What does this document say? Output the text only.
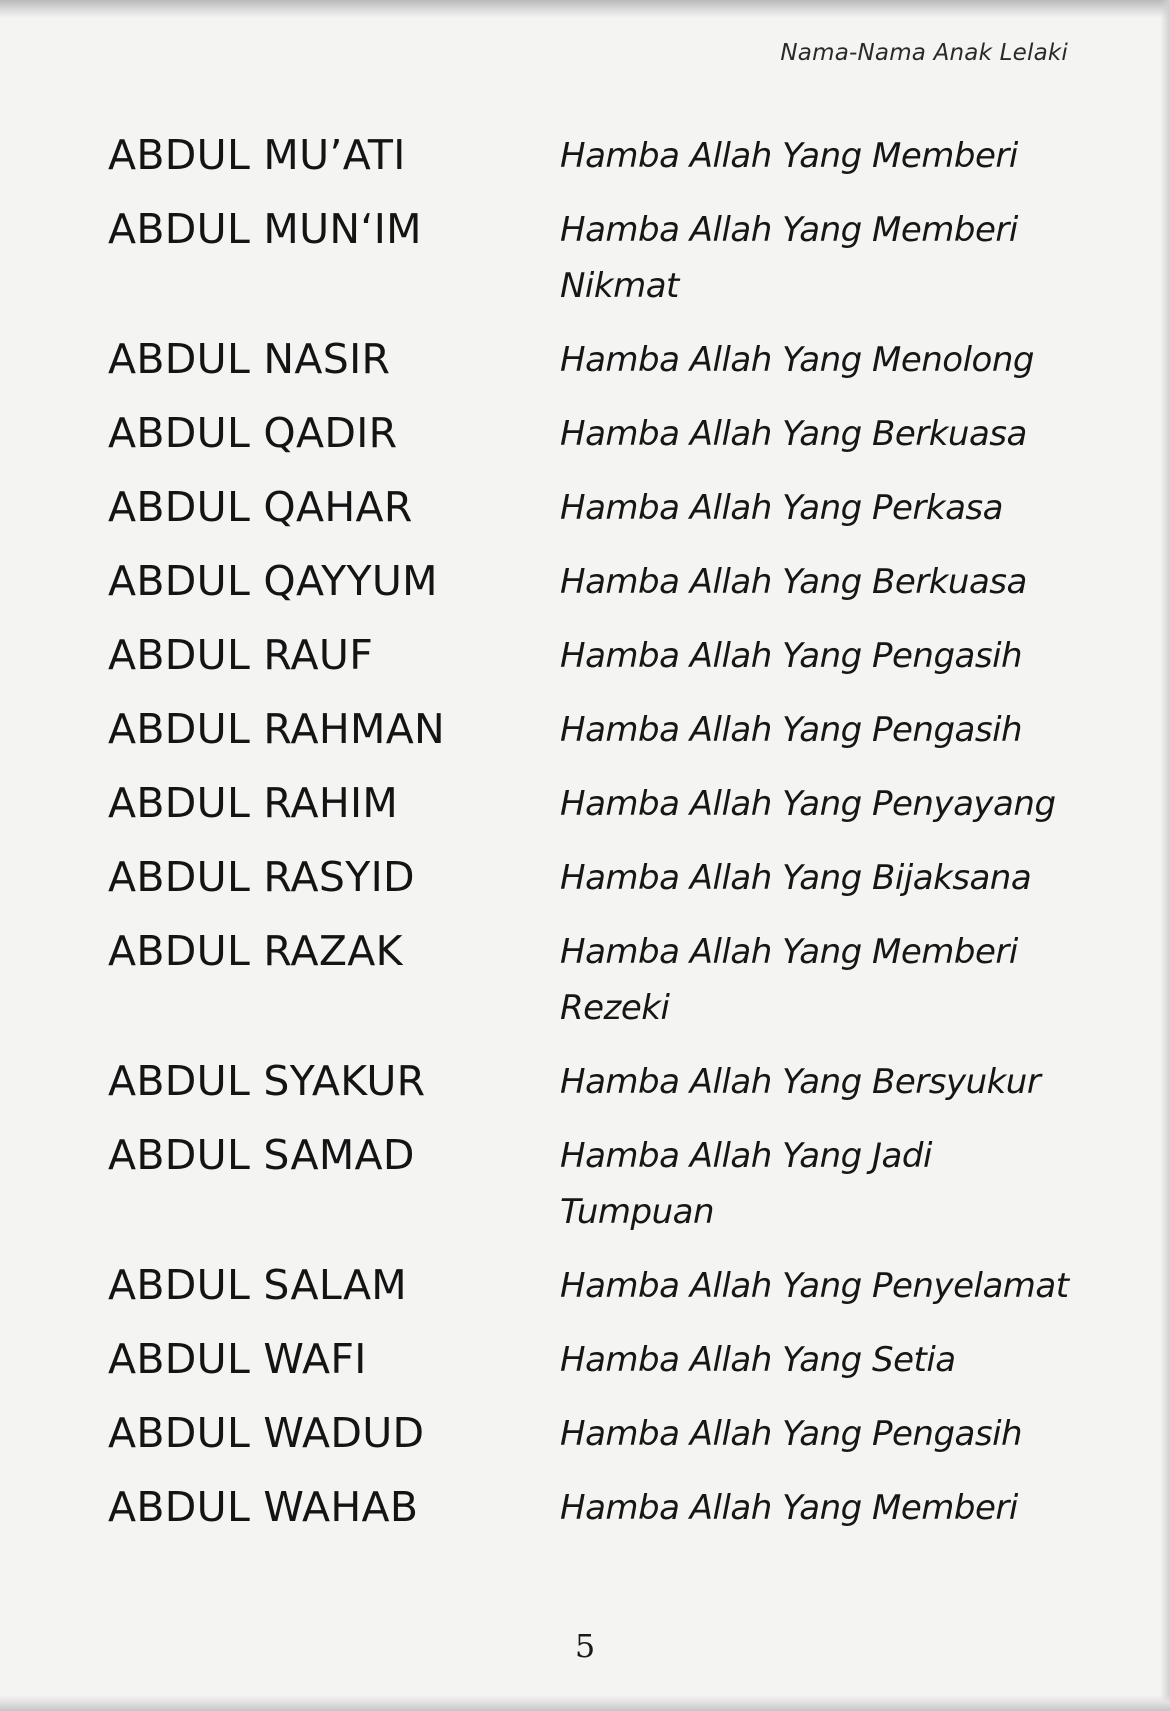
Nama-Nama Anak Lelaki
ABDUL MU’ATI	Hamba Allah Yang Memberi
ABDUL MUN‘IM	Hamba Allah Yang Memberi Nikmat
ABDUL NASIR	Hamba Allah Yang Menolong
ABDUL QADIR	Hamba Allah Yang Berkuasa
ABDUL QAHAR	Hamba Allah Yang Perkasa
ABDUL QAYYUM	Hamba Allah Yang Berkuasa
ABDUL RAUF	Hamba Allah Yang Pengasih
ABDUL RAHMAN	Hamba Allah Yang Pengasih
ABDUL RAHIM	Hamba Allah Yang Penyayang
ABDUL RASYID	Hamba Allah Yang Bijaksana
ABDUL RAZAK	Hamba Allah Yang Memberi Rezeki
ABDUL SYAKUR	Hamba Allah Yang Bersyukur
ABDUL SAMAD	Hamba Allah Yang Jadi Tumpuan
ABDUL SALAM	Hamba Allah Yang Penyelamat
ABDUL WAFI	Hamba Allah Yang Setia
ABDUL WADUD	Hamba Allah Yang Pengasih
ABDUL WAHAB	Hamba Allah Yang Memberi
5
